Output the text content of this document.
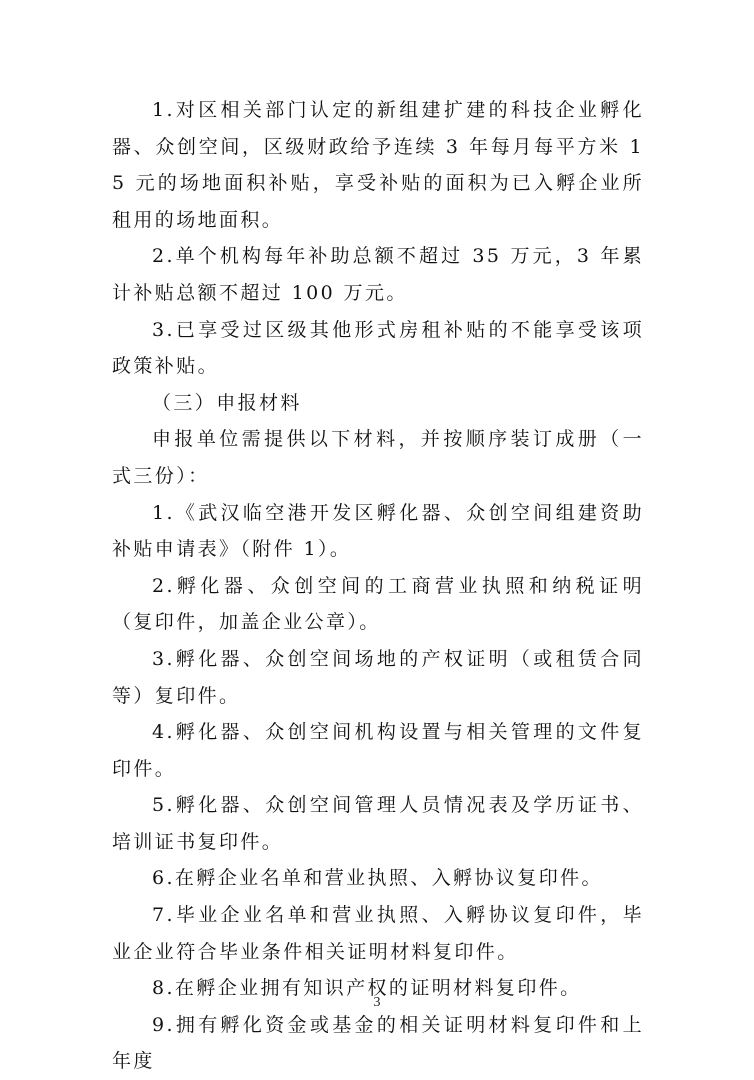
1.对区相关部门认定的新组建扩建的科技企业孵化器、众创空间，区级财政给予连续 3 年每月每平方米 15 元的场地面积补贴，享受补贴的面积为已入孵企业所租用的场地面积。

2.单个机构每年补助总额不超过 35 万元，3 年累计补贴总额不超过 100 万元。

3.已享受过区级其他形式房租补贴的不能享受该项政策补贴。

（三）申报材料

申报单位需提供以下材料，并按顺序装订成册（一式三份）：

1.《武汉临空港开发区孵化器、众创空间组建资助补贴申请表》（附件 1）。

2.孵化器、众创空间的工商营业执照和纳税证明（复印件，加盖企业公章）。

3.孵化器、众创空间场地的产权证明（或租赁合同等）复印件。

4.孵化器、众创空间机构设置与相关管理的文件复印件。

5.孵化器、众创空间管理人员情况表及学历证书、培训证书复印件。

6.在孵企业名单和营业执照、入孵协议复印件。

7.毕业企业名单和营业执照、入孵协议复印件，毕业企业符合毕业条件相关证明材料复印件。

8.在孵企业拥有知识产权的证明材料复印件。

9.拥有孵化资金或基金的相关证明材料复印件和上年度

3
